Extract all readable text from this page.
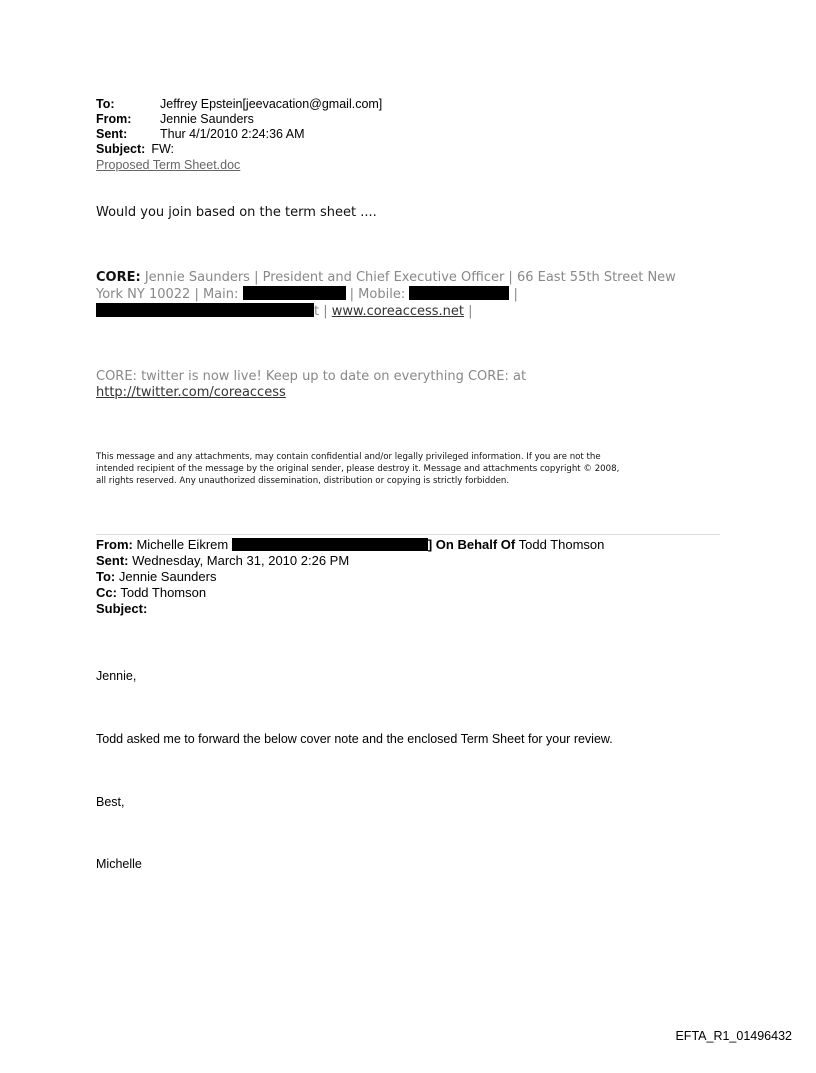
To:	Jeffrey Epstein[jeevacation@gmail.com]
From: Jennie Saunders
Sent:	Thur 4/1/2010 2:24:36 AM
Subject: FW:
Proposed Term Sheet.doc
Would you join based on the term sheet ....
CORE: Jennie Saunders | President and Chief Executive Officer | 66 East 55th Street New
York NY 10022 | Main:	| Mobile:	|
t | www.coreaccess.net |
CORE: twitter is now live! Keep up to date on everything CORE: at
http://twitter.com/coreaccess
This message and any attachments, may contain confidential and/or legally privileged information. If you are not the
intended recipient of the message by the original sender, please destroy it. Message and attachments copyright © 2008,
all rights reserved. Any unauthorized dissemination, distribution or copying is strictly forbidden.
From: Michelle Eikrem	] On Behalf Of Todd Thomson
Sent: Wednesday, March 31, 2010 2:26 PM
To: Jennie Saunders
Cc: Todd Thomson
Subject:
Jennie,
Todd asked me to forward the below cover note and the enclosed Term Sheet for your review.
Best,
Michelle
EFTA_R1_01496432
